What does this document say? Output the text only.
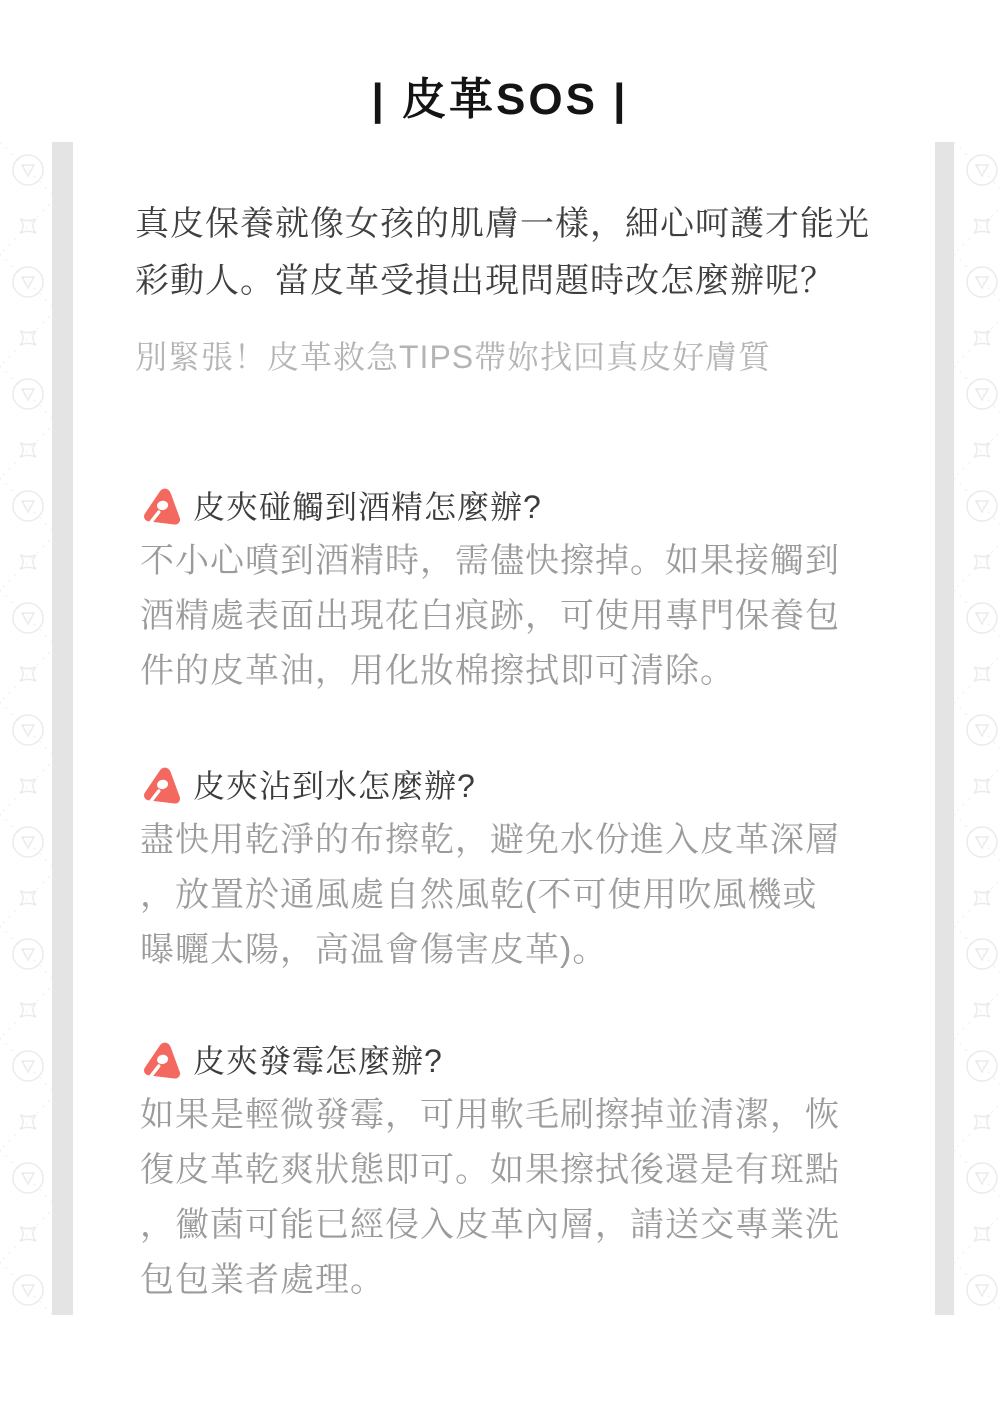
| 皮革SOS |

真皮保養就像女孩的肌膚一樣，細心呵護才能光
彩動人。當皮革受損出現問題時改怎麼辦呢？

別緊張！皮革救急TIPS帶妳找回真皮好膚質

皮夾碰觸到酒精怎麼辦?

不小心噴到酒精時，需儘快擦掉。如果接觸到
酒精處表面出現花白痕跡，可使用專門保養包
件的皮革油，用化妝棉擦拭即可清除。

皮夾沾到水怎麼辦?

盡快用乾淨的布擦乾，避免水份進入皮革深層
，放置於通風處自然風乾(不可使用吹風機或
曝曬太陽，高温會傷害皮革)。

皮夾發霉怎麼辦?

如果是輕微發霉，可用軟毛刷擦掉並清潔，恢
復皮革乾爽狀態即可。如果擦拭後還是有斑點
，黴菌可能已經侵入皮革內層，請送交專業洗
包包業者處理。
